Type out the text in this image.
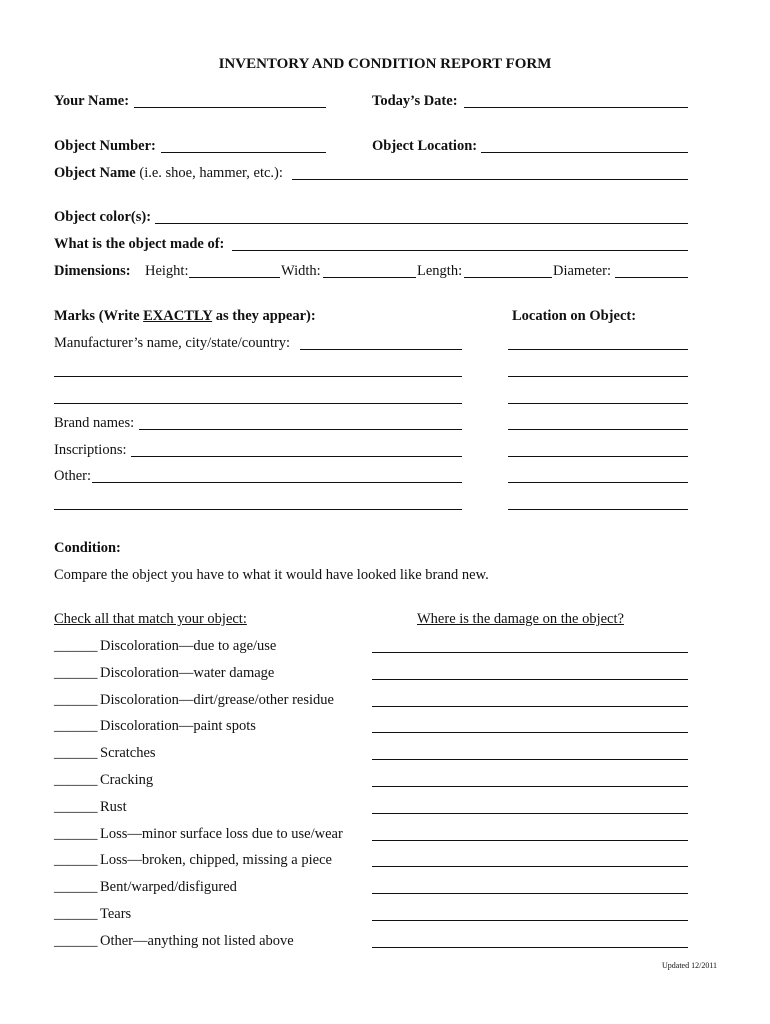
INVENTORY AND CONDITION REPORT FORM
Your Name:	Today’s Date:
Object Number:	Object Location:
Object Name (i.e. shoe, hammer, etc.):
Object color(s):
What is the object made of:
Dimensions: Height:	Width:	Length:	Diameter:
Marks (Write EXACTLY as they appear):	Location on Object:
Manufacturer’s name, city/state/country:
Brand names:
Inscriptions:
Other:
Condition:
Compare the object you have to what it would have looked like brand new.
Check all that match your object:	Where is the damage on the object?
______ Discoloration—due to age/use
______ Discoloration—water damage
______ Discoloration—dirt/grease/other residue
______ Discoloration—paint spots
______ Scratches
______ Cracking
______ Rust
______ Loss—minor surface loss due to use/wear
______ Loss—broken, chipped, missing a piece
______ Bent/warped/disfigured
______ Tears
______ Other—anything not listed above
Updated 12/2011
